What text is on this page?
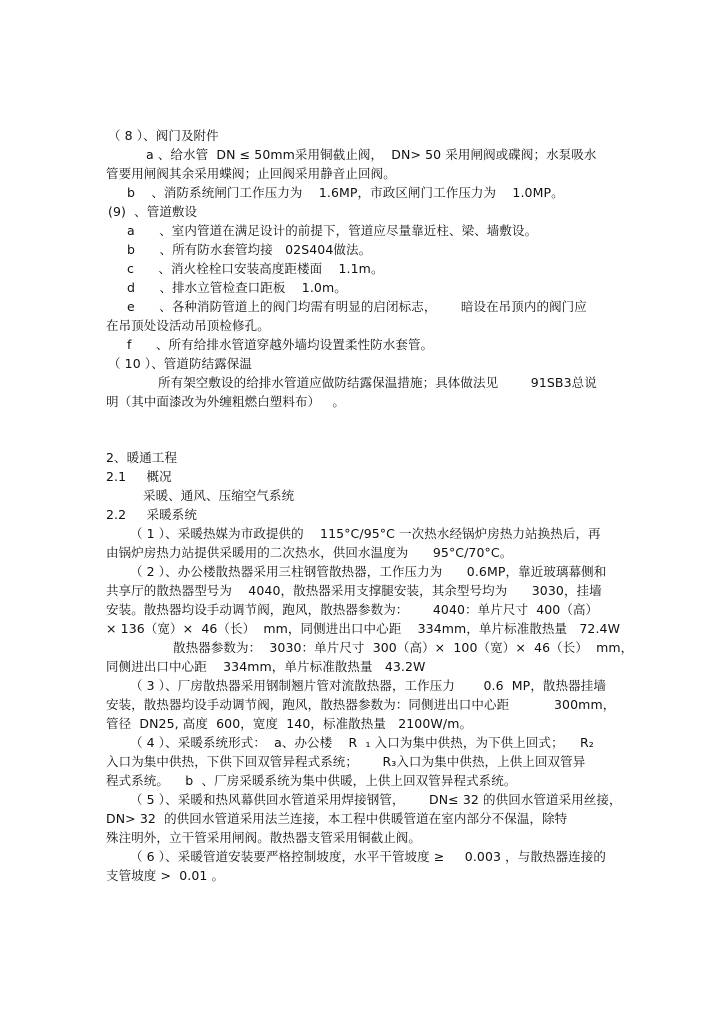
（ 8 ）、阀门及附件
a 、给水管  DN ≤ 50mm采用铜截止阀，  DN> 50 采用闸阀或碟阀；水泵吸水
管要用闸阀其余采用蝶阀；止回阀采用静音止回阀。
b    、消防系统闸门工作压力为    1.6MP，市政区闸门工作压力为    1.0MP。
(9)  、管道敷设
a      、室内管道在满足设计的前提下，管道应尽量靠近柱、梁、墙敷设。
b      、所有防水套管均接   02S404做法。
c      、消火栓栓口安装高度距楼面    1.1m。
d      、排水立管检查口距板    1.0m。
e      、各种消防管道上的阀门均需有明显的启闭标志，      暗设在吊顶内的阀门应
在吊顶处设活动吊顶检修孔。
f      、所有给排水管道穿越外墙均设置柔性防水套管。
（ 10 ）、管道防结露保温
所有架空敷设的给排水管道应做防结露保温措施；具体做法见        91SB3总说
明（其中面漆改为外缠粗燃白塑料布）   。
2、暖通工程
2.1     概况
采暖、通风、压缩空气系统
2.2     采暖系统
（ 1 ）、采暖热媒为市政提供的    115°C/95°C 一次热水经锅炉房热力站换热后，再
由锅炉房热力站提供采暖用的二次热水，供回水温度为      95°C/70°C。
（ 2 ）、办公楼散热器采用三柱钢管散热器，工作压力为      0.6MP，靠近玻璃幕侧和
共享厅的散热器型号为    4040，散热器采用支撑腿安装，其余型号均为      3030，挂墙
安装。散热器均设手动调节阀，跑风，散热器参数为：      4040：单片尺寸  400（高）
× 136（宽）×  46（长）  mm，同侧进出口中心距    334mm，单片标准散热量   72.4W
散热器参数为：  3030：单片尺寸  300（高）×  100（宽）×  46（长）  mm，
同侧进出口中心距    334mm，单片标准散热量   43.2W
（ 3 ）、厂房散热器采用钢制翘片管对流散热器，工作压力       0.6  MP，散热器挂墙
安装，散热器均设手动调节阀，跑风，散热器参数为：同侧进出口中心距           300mm，
管径  DN25, 高度  600，宽度  140，标准散热量   2100W/m。
（ 4 ）、采暖系统形式：  a、办公楼    R  ₁ 入口为集中供热，为下供上回式；    R₂
入口为集中供热，下供下回双管异程式系统；      R₃入口为集中供热，上供上回双管异
程式系统。    b  、厂房采暖系统为集中供暖，上供上回双管异程式系统。
（ 5 ）、采暖和热风幕供回水管道采用焊接钢管，      DN≤ 32 的供回水管道采用丝接，
DN> 32  的供回水管道采用法兰连接，本工程中供暖管道在室内部分不保温，除特
殊注明外，立干管采用闸阀。散热器支管采用铜截止阀。
（ 6 ）、采暖管道安装要严格控制坡度，水平干管坡度 ≥     0.003 ，与散热器连接的
支管坡度 >  0.01 。
